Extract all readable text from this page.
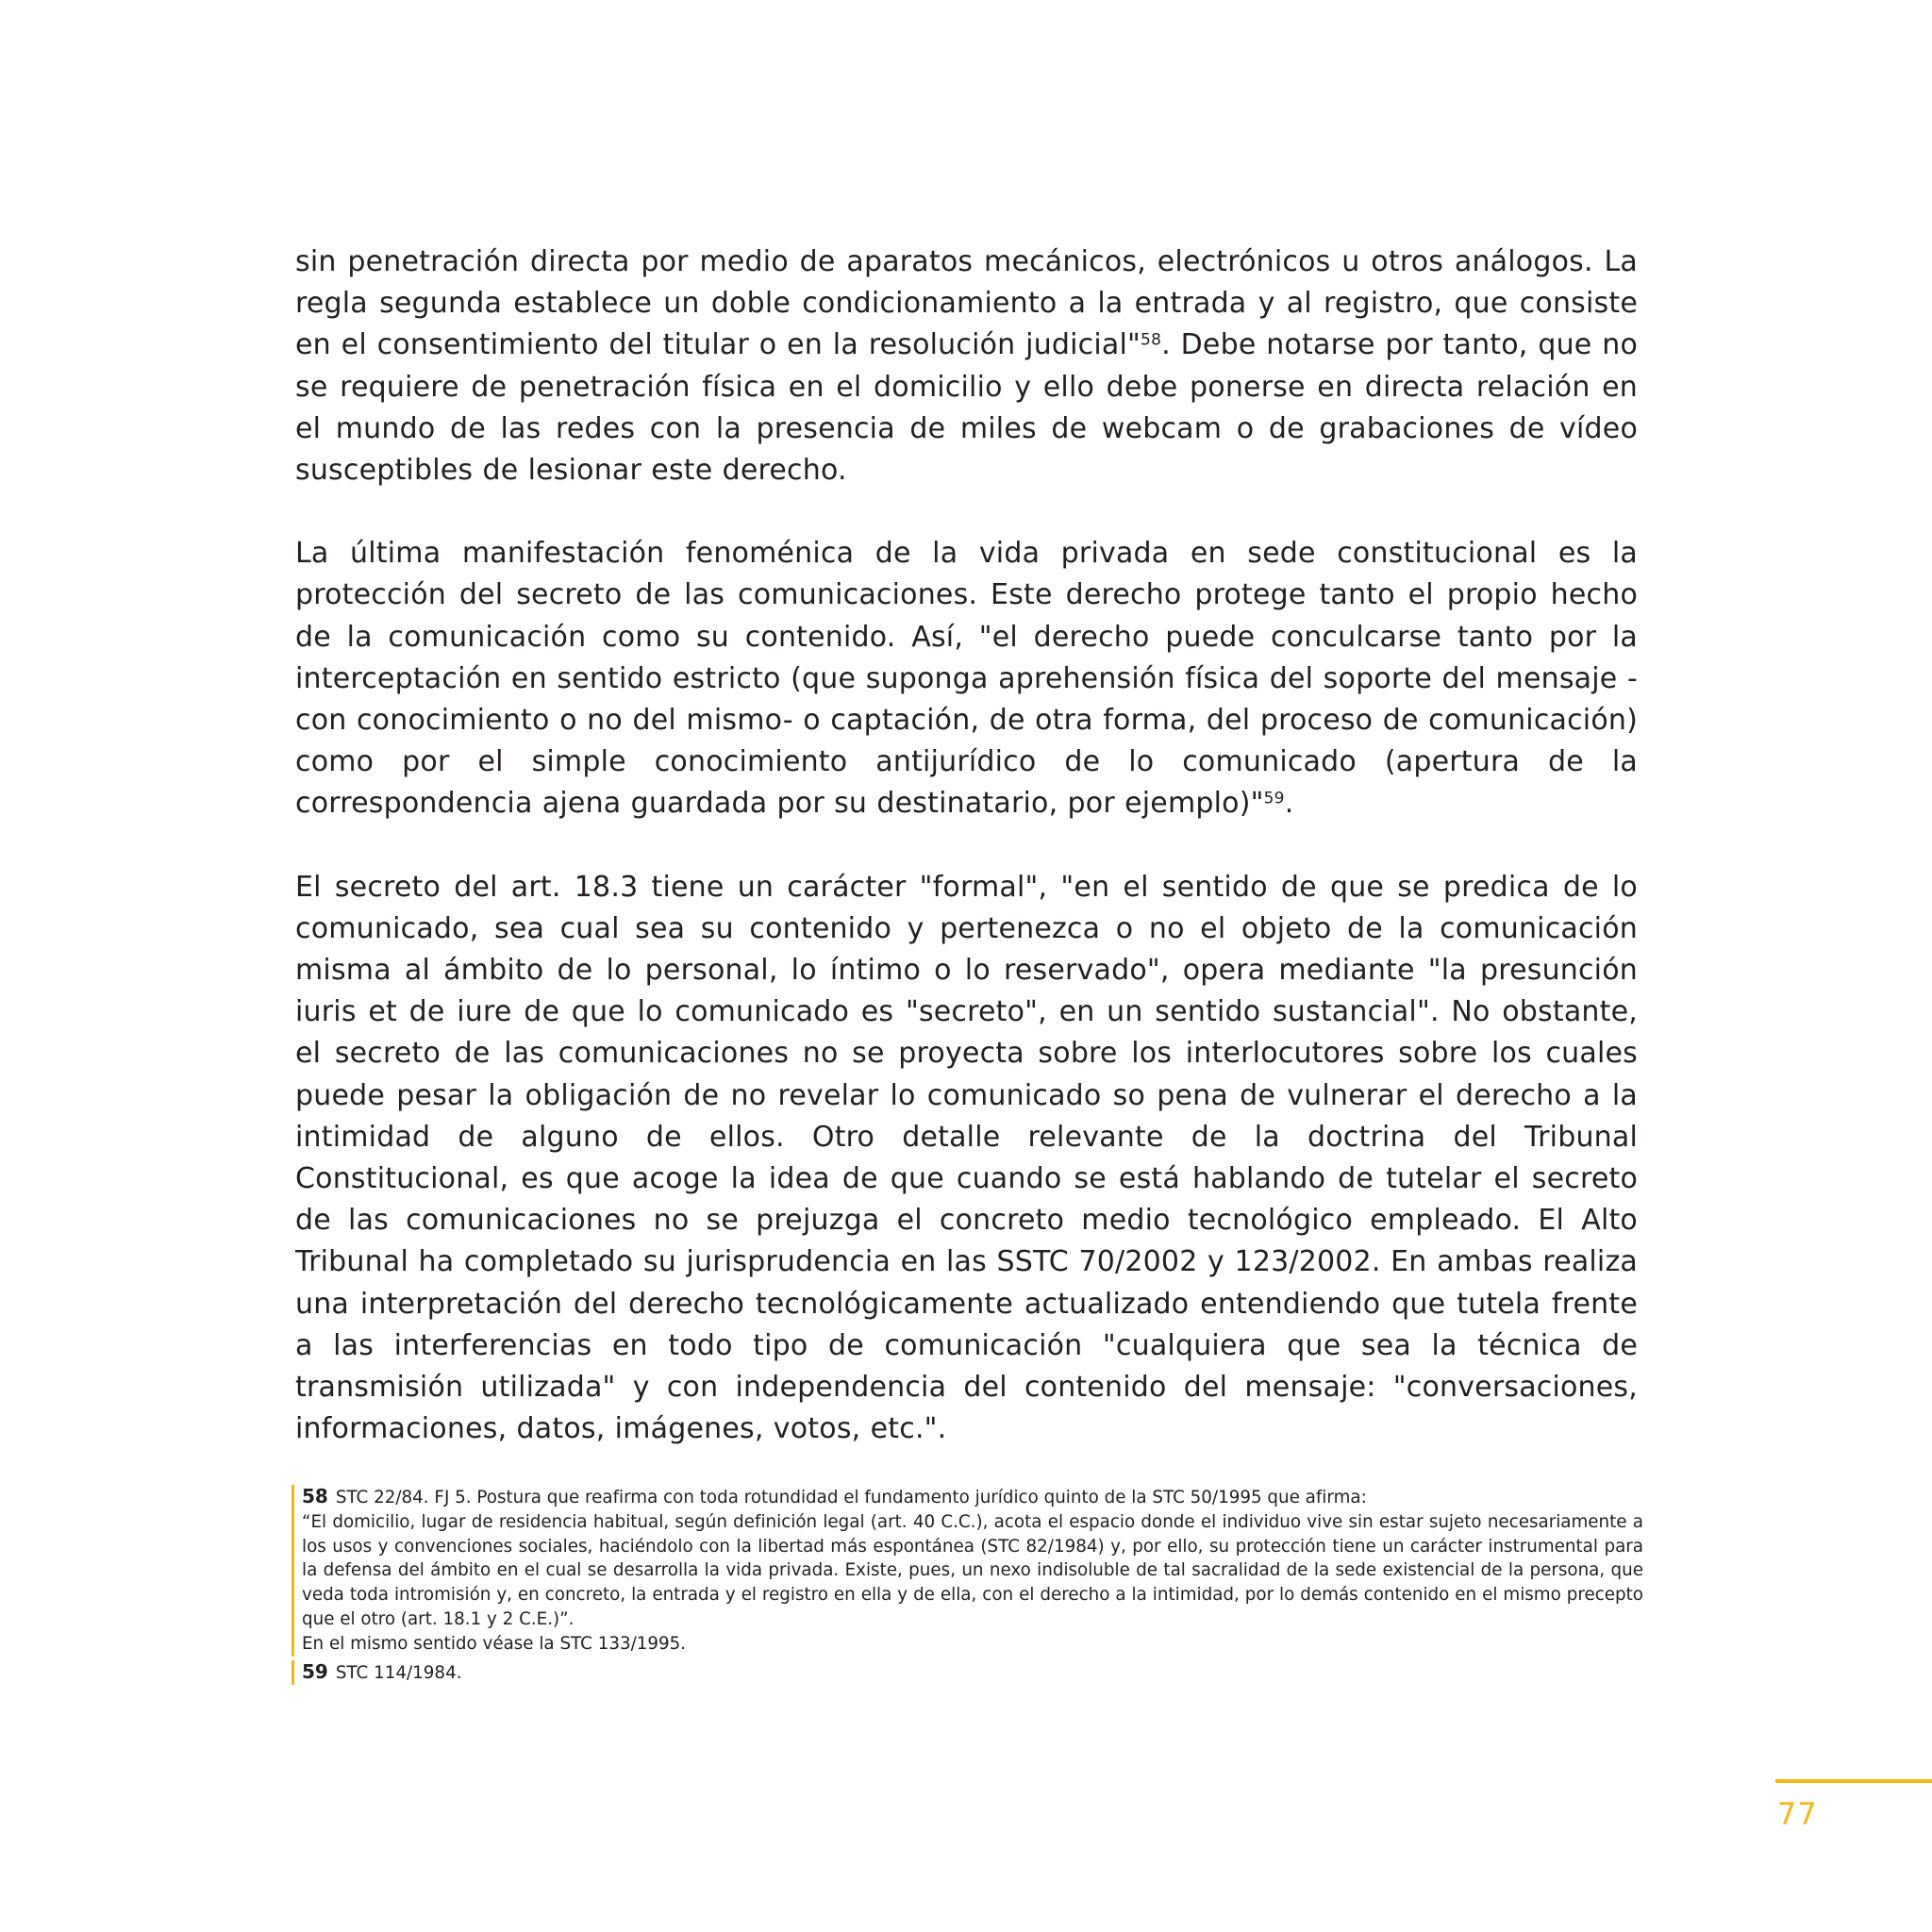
sin penetración directa por medio de aparatos mecánicos, electrónicos u otros análogos. La regla segunda establece un doble condicionamiento a la entrada y al registro, que consiste en el consentimiento del titular o en la resolución judicial"$^{58}$. Debe notarse por tanto, que no se requiere de penetración física en el domicilio y ello debe ponerse en directa relación en el mundo de las redes con la presencia de miles de webcam o de grabaciones de vídeo susceptibles de lesionar este derecho.

La última manifestación fenoménica de la vida privada en sede constitucional es la protección del secreto de las comunicaciones. Este derecho protege tanto el propio hecho de la comunicación como su contenido. Así, "el derecho puede conculcarse tanto por la interceptación en sentido estricto (que suponga aprehensión física del soporte del mensaje -con conocimiento o no del mismo- o captación, de otra forma, del proceso de comunicación) como por el simple conocimiento antijurídico de lo comunicado (apertura de la correspondencia ajena guardada por su destinatario, por ejemplo)"$^{59}$.

El secreto del art. 18.3 tiene un carácter "formal", "en el sentido de que se predica de lo comunicado, sea cual sea su contenido y pertenezca o no el objeto de la comunicación misma al ámbito de lo personal, lo íntimo o lo reservado", opera mediante "la presunción iuris et de iure de que lo comunicado es "secreto", en un sentido sustancial". No obstante, el secreto de las comunicaciones no se proyecta sobre los interlocutores sobre los cuales puede pesar la obligación de no revelar lo comunicado so pena de vulnerar el derecho a la intimidad de alguno de ellos. Otro detalle relevante de la doctrina del Tribunal Constitucional, es que acoge la idea de que cuando se está hablando de tutelar el secreto de las comunicaciones no se prejuzga el concreto medio tecnológico empleado. El Alto Tribunal ha completado su jurisprudencia en las SSTC 70/2002 y 123/2002. En ambas realiza una interpretación del derecho tecnológicamente actualizado entendiendo que tutela frente a las interferencias en todo tipo de comunicación "cualquiera que sea la técnica de transmisión utilizada" y con independencia del contenido del mensaje: "conversaciones, informaciones, datos, imágenes, votos, etc.".

58 STC 22/84. FJ 5. Postura que reafirma con toda rotundidad el fundamento jurídico quinto de la STC 50/1995 que afirma:
“El domicilio, lugar de residencia habitual, según definición legal (art. 40 C.C.), acota el espacio donde el individuo vive sin estar sujeto necesariamente a los usos y convenciones sociales, haciéndolo con la libertad más espontánea (STC 82/1984) y, por ello, su protección tiene un carácter instrumental para la defensa del ámbito en el cual se desarrolla la vida privada. Existe, pues, un nexo indisoluble de tal sacralidad de la sede existencial de la persona, que veda toda intromisión y, en concreto, la entrada y el registro en ella y de ella, con el derecho a la intimidad, por lo demás contenido en el mismo precepto que el otro (art. 18.1 y 2 C.E.)”.
En el mismo sentido véase la STC 133/1995.
59 STC 114/1984.
77
